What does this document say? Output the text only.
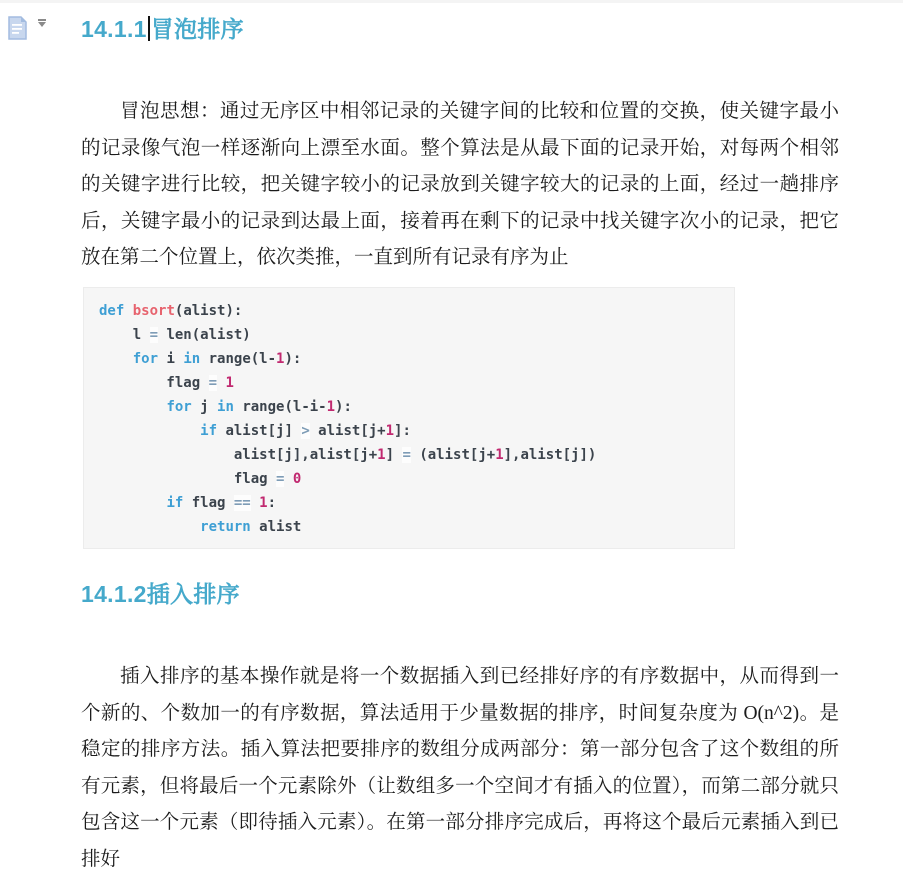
14.1.1 冒泡排序

冒泡思想：通过无序区中相邻记录的关键字间的比较和位置的交换，使关键字最小的记录像气泡一样逐渐向上漂至水面。整个算法是从最下面的记录开始，对每两个相邻的关键字进行比较，把关键字较小的记录放到关键字较大的记录的上面，经过一趟排序后，关键字最小的记录到达最上面，接着再在剩下的记录中找关键字次小的记录，把它放在第二个位置上，依次类推，一直到所有记录有序为止

def bsort(alist):
l = len(alist)
for i in range(l-1):
flag = 1
for j in range(l-i-1):
if alist[j] > alist[j+1]:
alist[j],alist[j+1] = (alist[j+1],alist[j])
flag = 0
if flag == 1:
return alist
14.1.2插入排序

插入排序的基本操作就是将一个数据插入到已经排好序的有序数据中，从而得到一个新的、个数加一的有序数据，算法适用于少量数据的排序，时间复杂度为 O(n^2)。是稳定的排序方法。插入算法把要排序的数组分成两部分：第一部分包含了这个数组的所有元素，但将最后一个元素除外（让数组多一个空间才有插入的位置），而第二部分就只包含这一个元素（即待插入元素）。在第一部分排序完成后，再将这个最后元素插入到已排好
